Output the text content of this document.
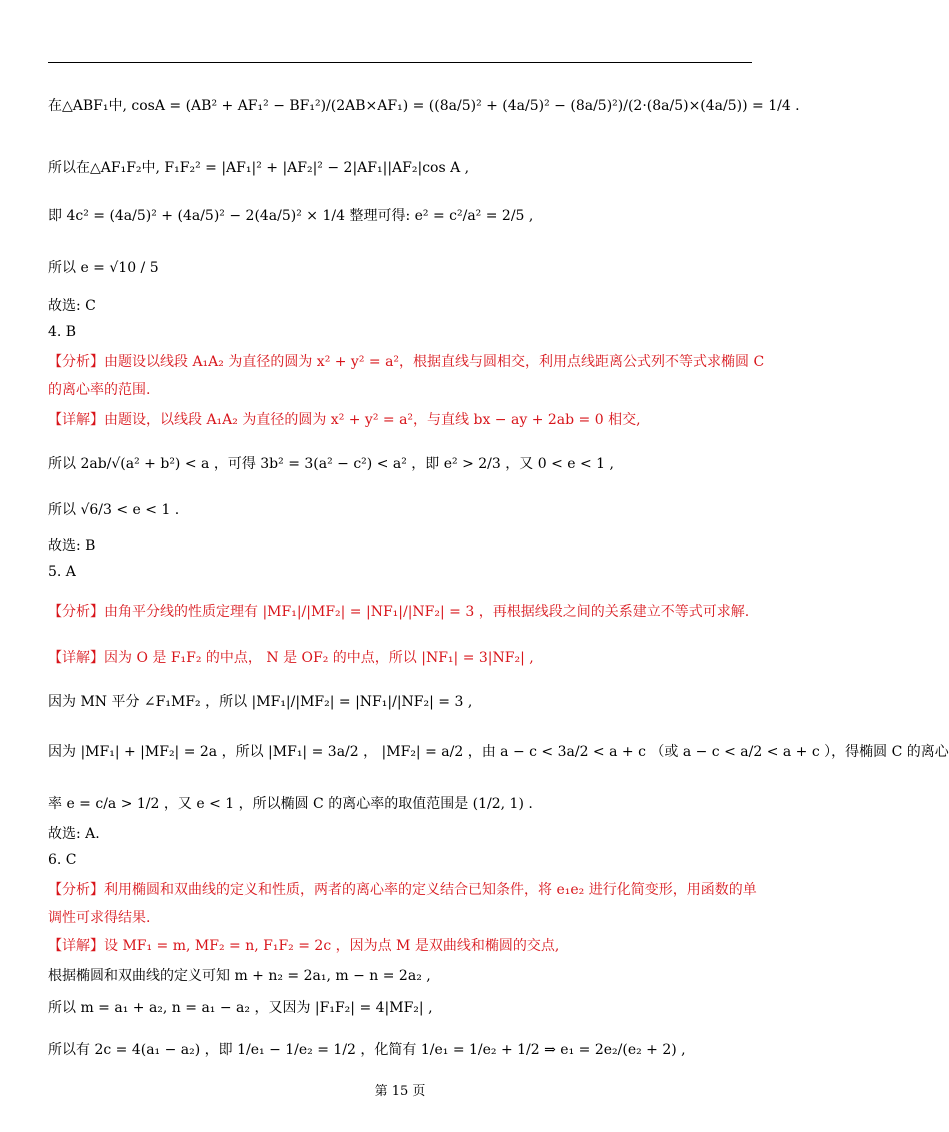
在△ABF₁中, cosA = (AB² + AF₁² − BF₁²)/(2AB×AF₁) = ((8a/5)² + (4a/5)² − (8a/5)²)/(2·(8a/5)×(4a/5)) = 1/4 .
所以在△AF₁F₂中, F₁F₂² = |AF₁|² + |AF₂|² − 2|AF₁||AF₂|cos A ,
即 4c² = (4a/5)² + (4a/5)² − 2(4a/5)² × 1/4 整理可得: e² = c²/a² = 2/5 ,
所以 e = √10 / 5
故选: C
4. B
【分析】由题设以线段 A₁A₂ 为直径的圆为 x² + y² = a²，根据直线与圆相交，利用点线距离公式列不等式求椭圆 C
的离心率的范围.
【详解】由题设，以线段 A₁A₂ 为直径的圆为 x² + y² = a²，与直线 bx − ay + 2ab = 0 相交,
所以 2ab/√(a² + b²) < a ，可得 3b² = 3(a² − c²) < a² ，即 e² > 2/3 ，又 0 < e < 1 ,
所以 √6/3 < e < 1 .
故选: B
5. A
【分析】由角平分线的性质定理有 |MF₁|/|MF₂| = |NF₁|/|NF₂| = 3 ，再根据线段之间的关系建立不等式可求解.
【详解】因为 O 是 F₁F₂ 的中点， N 是 OF₂ 的中点，所以 |NF₁| = 3|NF₂| ,
因为 MN 平分 ∠F₁MF₂ ，所以 |MF₁|/|MF₂| = |NF₁|/|NF₂| = 3 ,
因为 |MF₁| + |MF₂| = 2a ，所以 |MF₁| = 3a/2 ， |MF₂| = a/2 ，由 a − c < 3a/2 < a + c （或 a − c < a/2 < a + c ），得椭圆 C 的离心
率 e = c/a > 1/2 ，又 e < 1 ，所以椭圆 C 的离心率的取值范围是 (1/2, 1) .
故选: A.
6. C
【分析】利用椭圆和双曲线的定义和性质，两者的离心率的定义结合已知条件，将 e₁e₂ 进行化简变形，用函数的单
调性可求得结果.
【详解】设 MF₁ = m, MF₂ = n, F₁F₂ = 2c ，因为点 M 是双曲线和椭圆的交点,
根据椭圆和双曲线的定义可知 m + n₂ = 2a₁, m − n = 2a₂ ,
所以 m = a₁ + a₂, n = a₁ − a₂ ，又因为 |F₁F₂| = 4|MF₂| ,
所以有 2c = 4(a₁ − a₂) ，即 1/e₁ − 1/e₂ = 1/2 ，化简有 1/e₁ = 1/e₂ + 1/2 ⇒ e₁ = 2e₂/(e₂ + 2) ,
第 15 页
